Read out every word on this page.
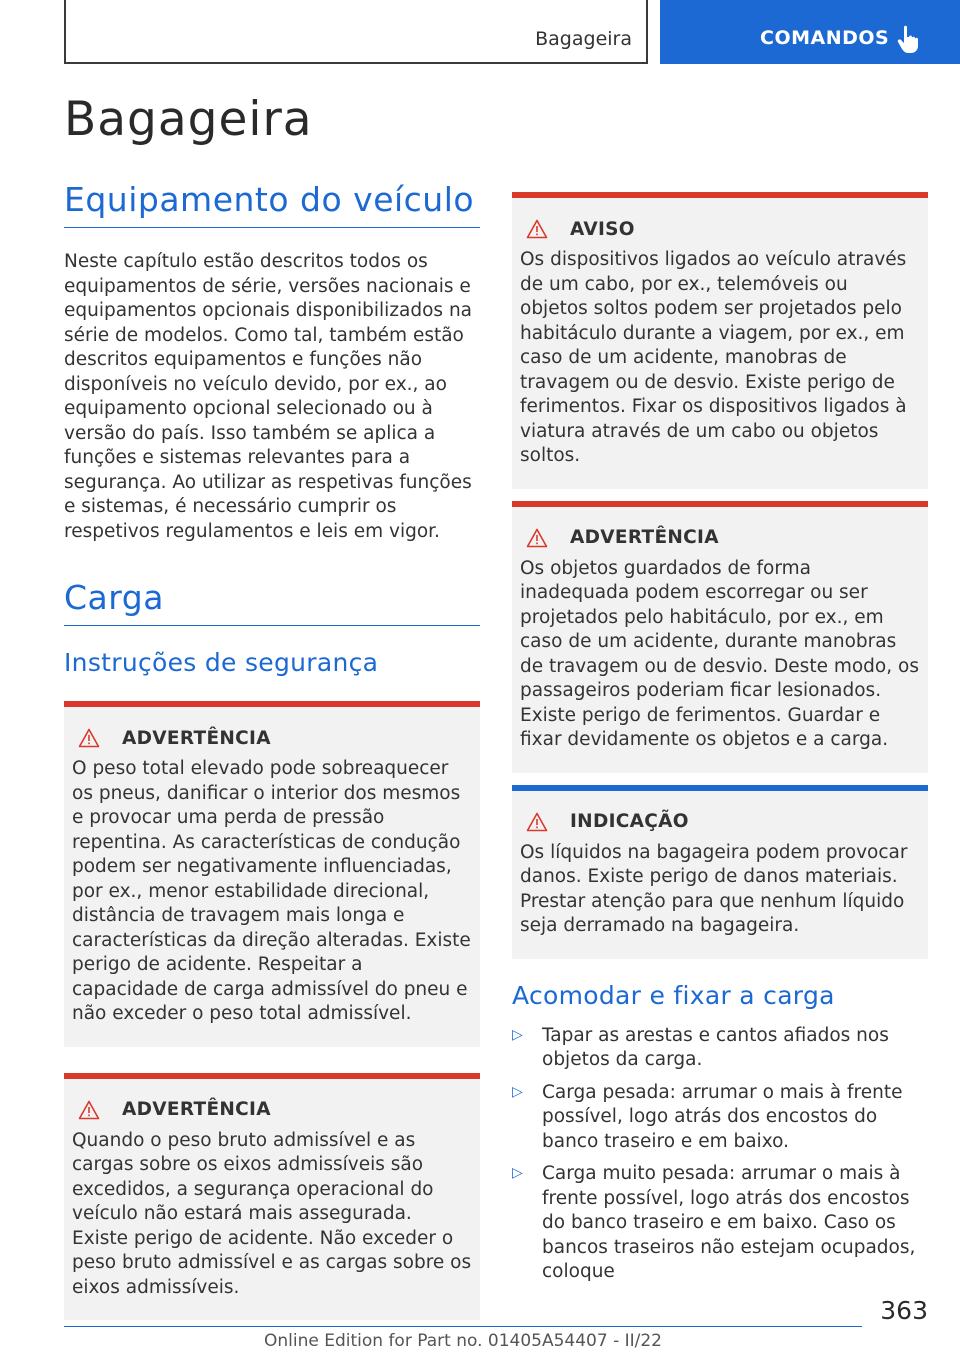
Bagageira	COMANDOS
Bagageira
Equipamento do veículo

Neste capítulo estão descritos todos os equipamentos de série, versões nacionais e equipamentos opcionais disponibilizados na série de modelos. Como tal, também estão descritos equipamentos e funções não disponíveis no veículo devido, por ex., ao equipamento opcional selecionado ou à versão do país. Isso também se aplica a funções e sistemas relevantes para a segurança. Ao utilizar as respetivas funções e sistemas, é necessário cumprir os respetivos regulamentos e leis em vigor.

Carga
Instruções de segurança
ADVERTÊNCIA

O peso total elevado pode sobreaquecer os pneus, danificar o interior dos mesmos e provocar uma perda de pressão repentina. As características de condução podem ser negativamente influenciadas, por ex., menor estabilidade direcional, distância de travagem mais longa e características da direção alteradas. Existe perigo de acidente. Respeitar a capacidade de carga admissível do pneu e não exceder o peso total admissível.

ADVERTÊNCIA

Quando o peso bruto admissível e as cargas sobre os eixos admissíveis são excedidos, a segurança operacional do veículo não estará mais assegurada. Existe perigo de acidente. Não exceder o peso bruto admissível e as cargas sobre os eixos admissíveis.

AVISO

Os dispositivos ligados ao veículo através de um cabo, por ex., telemóveis ou objetos soltos podem ser projetados pelo habitáculo durante a viagem, por ex., em caso de um acidente, manobras de travagem ou de desvio. Existe perigo de ferimentos. Fixar os dispositivos ligados à viatura através de um cabo ou objetos soltos.

ADVERTÊNCIA

Os objetos guardados de forma inadequada podem escorregar ou ser projetados pelo habitáculo, por ex., em caso de um acidente, durante manobras de travagem ou de desvio. Deste modo, os passageiros poderiam ficar lesionados. Existe perigo de ferimentos. Guardar e fixar devidamente os objetos e a carga.

INDICAÇÃO

Os líquidos na bagageira podem provocar danos. Existe perigo de danos materiais. Prestar atenção para que nenhum líquido seja derramado na bagageira.

Acomodar e fixar a carga
▷	Tapar as arestas e cantos afiados nos objetos da carga.

▷	Carga pesada: arrumar o mais à frente possível, logo atrás dos encostos do banco traseiro e em baixo.

▷	Carga muito pesada: arrumar o mais à frente possível, logo atrás dos encostos do banco traseiro e em baixo. Caso os bancos traseiros não estejam ocupados, coloque

363
Online Edition for Part no. 01405A54407 - II/22
